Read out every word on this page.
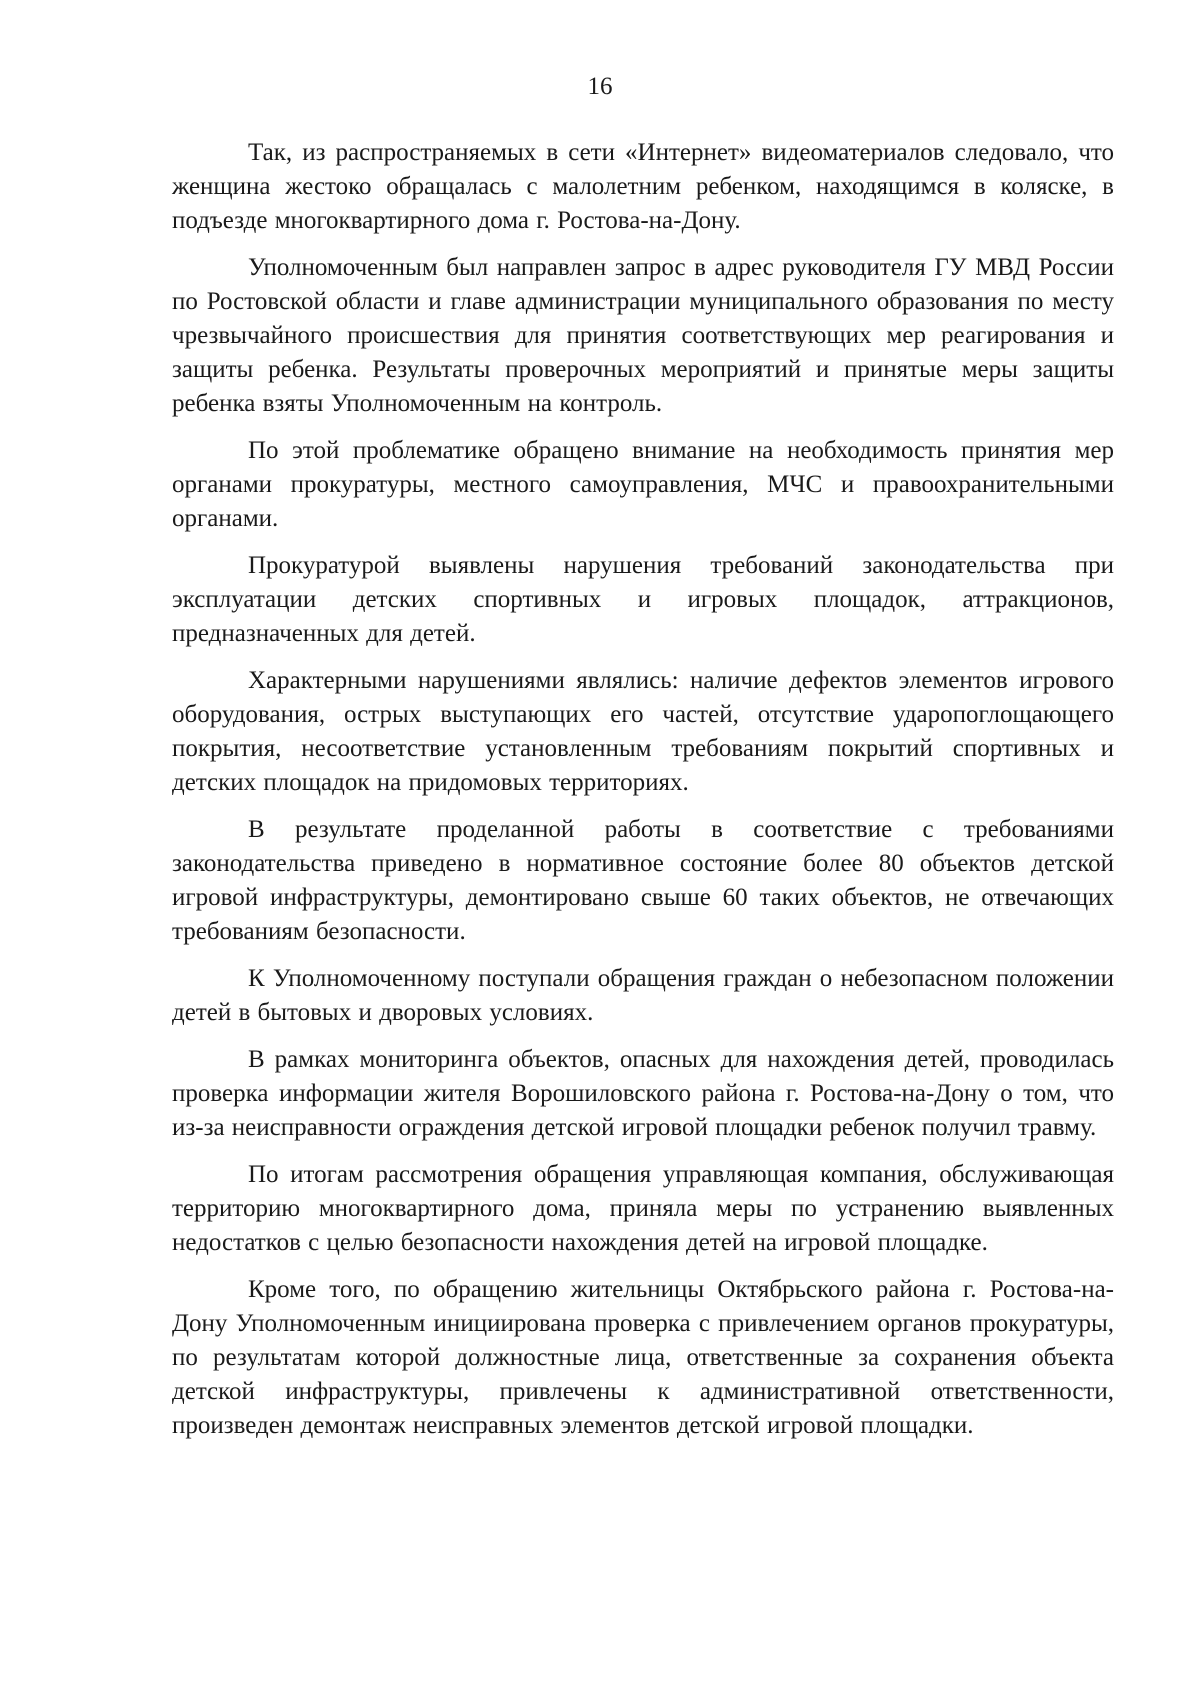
16

Так, из распространяемых в сети «Интернет» видеоматериалов следовало, что женщина жестоко обращалась с малолетним ребенком, находящимся в коляске, в подъезде многоквартирного дома г. Ростова-на-Дону.

Уполномоченным был направлен запрос в адрес руководителя ГУ МВД России по Ростовской области и главе администрации муниципального образования по месту чрезвычайного происшествия для принятия соответствующих мер реагирования и защиты ребенка. Результаты проверочных мероприятий и принятые меры защиты ребенка взяты Уполномоченным на контроль.

По этой проблематике обращено внимание на необходимость принятия мер органами прокуратуры, местного самоуправления, МЧС и правоохранительными органами.

Прокуратурой выявлены нарушения требований законодательства при эксплуатации детских спортивных и игровых площадок, аттракционов, предназначенных для детей.

Характерными нарушениями являлись: наличие дефектов элементов игрового оборудования, острых выступающих его частей, отсутствие ударопоглощающего покрытия, несоответствие установленным требованиям покрытий спортивных и детских площадок на придомовых территориях.

В результате проделанной работы в соответствие с требованиями законодательства приведено в нормативное состояние более 80 объектов детской игровой инфраструктуры, демонтировано свыше 60 таких объектов, не отвечающих требованиям безопасности.

К Уполномоченному поступали обращения граждан о небезопасном положении детей в бытовых и дворовых условиях.

В рамках мониторинга объектов, опасных для нахождения детей, проводилась проверка информации жителя Ворошиловского района г. Ростова-на-Дону о том, что из-за неисправности ограждения детской игровой площадки ребенок получил травму.

По итогам рассмотрения обращения управляющая компания, обслуживающая территорию многоквартирного дома, приняла меры по устранению выявленных недостатков с целью безопасности нахождения детей на игровой площадке.

Кроме того, по обращению жительницы Октябрьского района г. Ростова-на-Дону Уполномоченным инициирована проверка с привлечением органов прокуратуры, по результатам которой должностные лица, ответственные за сохранения объекта детской инфраструктуры, привлечены к административной ответственности, произведен демонтаж неисправных элементов детской игровой площадки.
